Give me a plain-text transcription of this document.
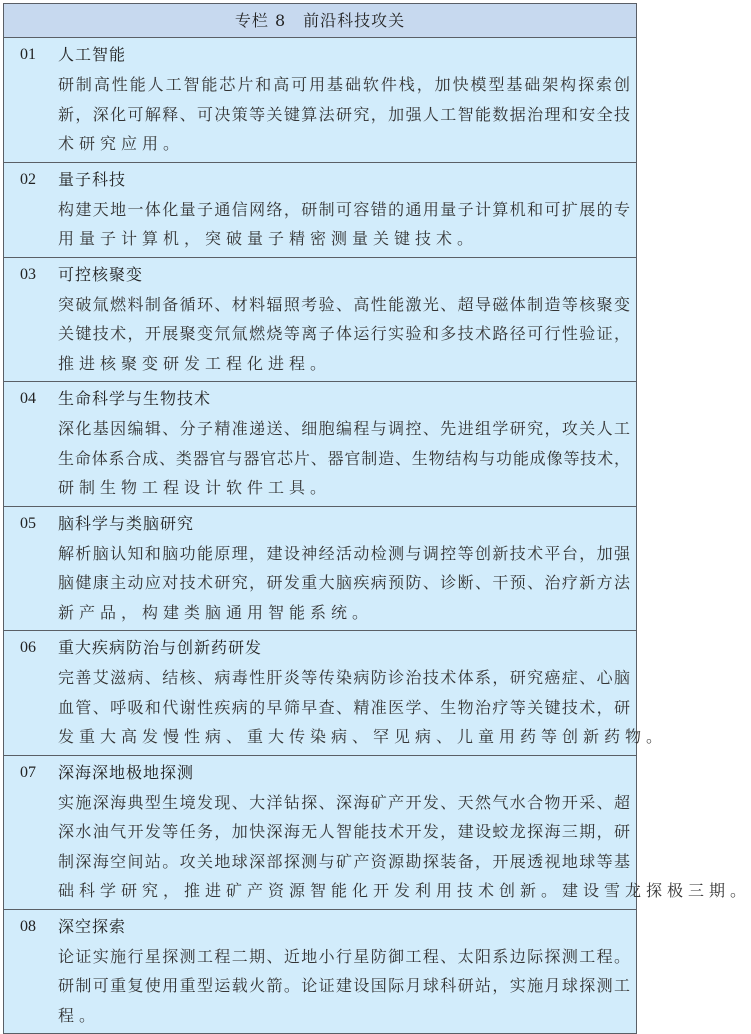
专栏 8　前沿科技攻关
01	人工智能
研制高性能人工智能芯片和高可用基础软件栈，加快模型基础架构探索创
新，深化可解释、可决策等关键算法研究，加强人工智能数据治理和安全技
术研究应用。
02	量子科技
构建天地一体化量子通信网络，研制可容错的通用量子计算机和可扩展的专
用量子计算机，突破量子精密测量关键技术。
03	可控核聚变
突破氚燃料制备循环、材料辐照考验、高性能激光、超导磁体制造等核聚变
关键技术，开展聚变氘氚燃烧等离子体运行实验和多技术路径可行性验证，
推进核聚变研发工程化进程。
04	生命科学与生物技术
深化基因编辑、分子精准递送、细胞编程与调控、先进组学研究，攻关人工
生命体系合成、类器官与器官芯片、器官制造、生物结构与功能成像等技术，
研制生物工程设计软件工具。
05	脑科学与类脑研究
解析脑认知和脑功能原理，建设神经活动检测与调控等创新技术平台，加强
脑健康主动应对技术研究，研发重大脑疾病预防、诊断、干预、治疗新方法
新产品，构建类脑通用智能系统。
06	重大疾病防治与创新药研发
完善艾滋病、结核、病毒性肝炎等传染病防诊治技术体系，研究癌症、心脑
血管、呼吸和代谢性疾病的早筛早查、精准医学、生物治疗等关键技术，研
发重大高发慢性病、重大传染病、罕见病、儿童用药等创新药物。
07	深海深地极地探测
实施深海典型生境发现、大洋钻探、深海矿产开发、天然气水合物开采、超
深水油气开发等任务，加快深海无人智能技术开发，建设蛟龙探海三期，研
制深海空间站。攻关地球深部探测与矿产资源勘探装备，开展透视地球等基
础科学研究，推进矿产资源智能化开发利用技术创新。建设雪龙探极三期。
08	深空探索
论证实施行星探测工程二期、近地小行星防御工程、太阳系边际探测工程。
研制可重复使用重型运载火箭。论证建设国际月球科研站，实施月球探测工
程。
